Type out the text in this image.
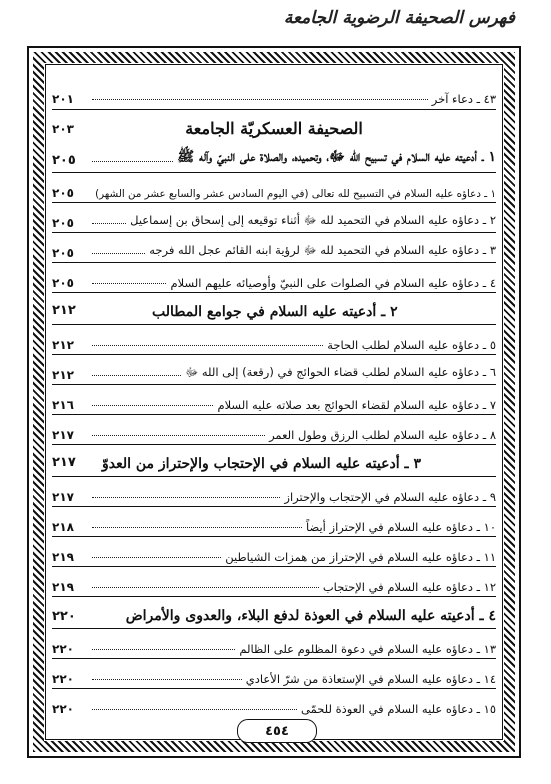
فهرس الصحيفة الرضوية الجامعة
٤٣ ـ دعاء آخر
٢٠١
٢٠٣	الصحيفة العسكريّة الجامعة
١ ـ أدعيته عليه السلام في تسبيح الله ﷻ، وتحميده، والصلاة على النبيّ وآله ﷺ
٢٠٥
١ ـ دعاؤه عليه السلام في التسبيح لله تعالى (في اليوم السادس عشر والسابع عشر من الشهر)
٢٠٥
٢ ـ دعاؤه عليه السلام في التحميد لله ﷻ أثناء توقيعه إلى إسحاق بن إسماعيل
٢٠٥
٣ ـ دعاؤه عليه السلام في التحميد لله ﷻ لرؤية ابنه القائم عجل الله فرجه
٢٠٥
٤ ـ دعاؤه عليه السلام في الصلوات على النبيّ وأوصيائه عليهم السلام
٢٠٥
٢ ـ أدعيته عليه السلام في جوامع المطالب
٢١٢
٥ ـ دعاؤه عليه السلام لطلب الحاجة
٢١٢
٦ ـ دعاؤه عليه السلام لطلب قضاء الحوائج في (رقعة) إلى الله ﷻ
٢١٢
٧ ـ دعاؤه عليه السلام لقضاء الحوائج بعد صلاته عليه السلام
٢١٦
٨ ـ دعاؤه عليه السلام لطلب الرزق وطول العمر
٢١٧
٣ ـ أدعيته عليه السلام في الإحتجاب والإحتراز من العدوّ
٢١٧
٩ ـ دعاؤه عليه السلام في الإحتجاب والإحتراز
٢١٧
١٠ ـ دعاؤه عليه السلام في الإحتراز أيضاً
٢١٨
١١ ـ دعاؤه عليه السلام في الإحتراز من همزات الشياطين
٢١٩
١٢ ـ دعاؤه عليه السلام في الإحتجاب
٢١٩
٤ ـ أدعيته عليه السلام في العوذة لدفع البلاء، والعدوى والأمراض
٢٢٠
١٣ ـ دعاؤه عليه السلام في دعوة المظلوم على الظالم
٢٢٠
١٤ ـ دعاؤه عليه السلام في الإستعاذة من شرّ الأعادي
٢٢٠
١٥ ـ دعاؤه عليه السلام في العوذة للحمّى
٢٢٠
٤٥٤
